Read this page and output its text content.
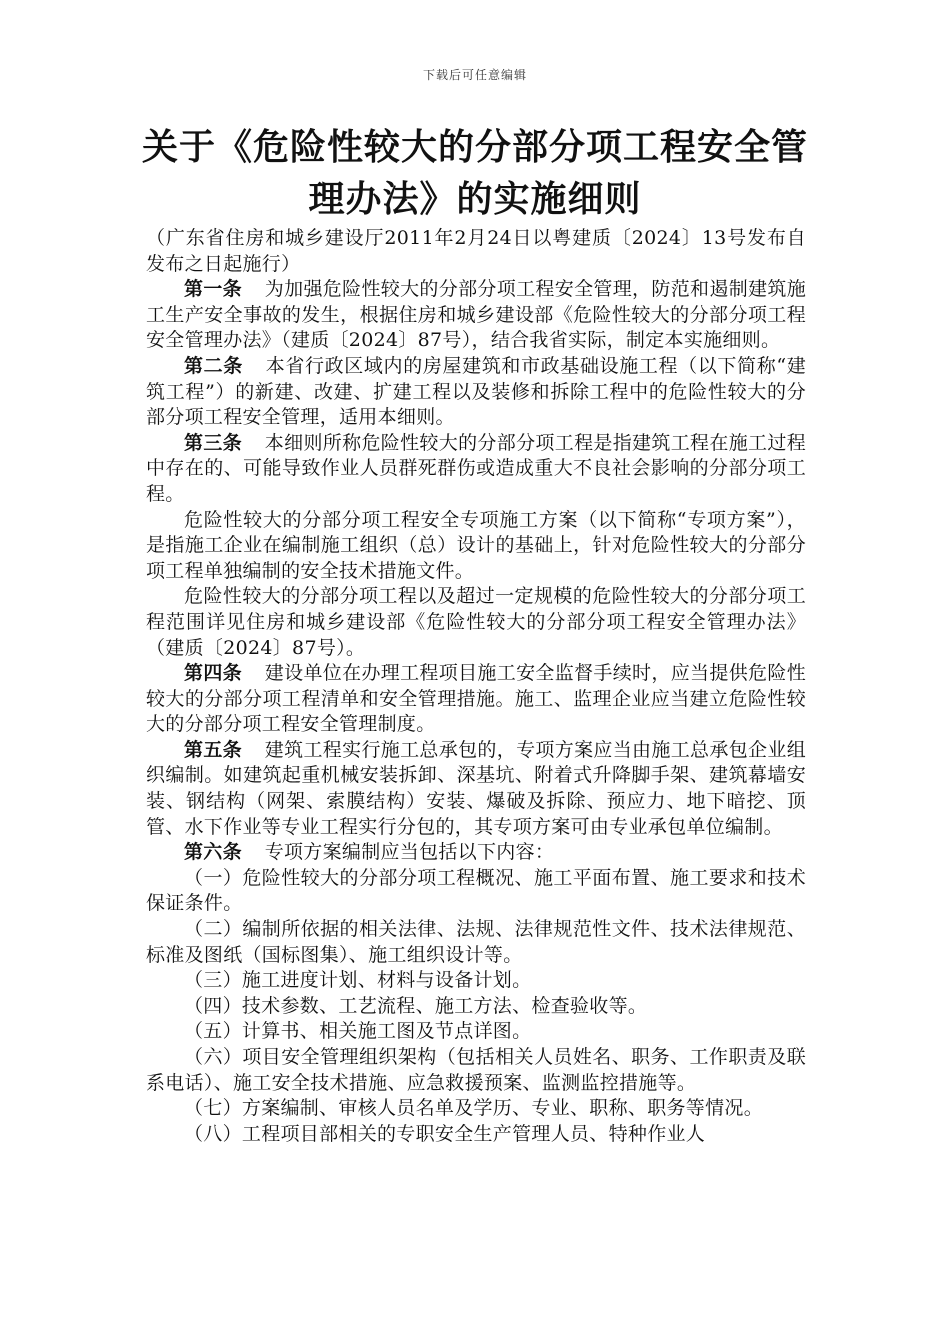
下载后可任意编辑
关于《危险性较大的分部分项工程安全管理办法》的实施细则

（广东省住房和城乡建设厅2011年2月24日以粤建质〔2024〕13号发布自发布之日起施行）

第一条 为加强危险性较大的分部分项工程安全管理，防范和遏制建筑施工生产安全事故的发生，根据住房和城乡建设部《危险性较大的分部分项工程安全管理办法》（建质〔2024〕87号），结合我省实际，制定本实施细则。

第二条 本省行政区域内的房屋建筑和市政基础设施工程（以下简称“建筑工程”）的新建、改建、扩建工程以及装修和拆除工程中的危险性较大的分部分项工程安全管理，适用本细则。

第三条 本细则所称危险性较大的分部分项工程是指建筑工程在施工过程中存在的、可能导致作业人员群死群伤或造成重大不良社会影响的分部分项工程。

危险性较大的分部分项工程安全专项施工方案（以下简称“专项方案”），是指施工企业在编制施工组织（总）设计的基础上，针对危险性较大的分部分项工程单独编制的安全技术措施文件。

危险性较大的分部分项工程以及超过一定规模的危险性较大的分部分项工程范围详见住房和城乡建设部《危险性较大的分部分项工程安全管理办法》（建质〔2024〕87号）。

第四条 建设单位在办理工程项目施工安全监督手续时，应当提供危险性较大的分部分项工程清单和安全管理措施。施工、监理企业应当建立危险性较大的分部分项工程安全管理制度。

第五条 建筑工程实行施工总承包的，专项方案应当由施工总承包企业组织编制。如建筑起重机械安装拆卸、深基坑、附着式升降脚手架、建筑幕墙安装、钢结构（网架、索膜结构）安装、爆破及拆除、预应力、地下暗挖、顶管、水下作业等专业工程实行分包的，其专项方案可由专业承包单位编制。

第六条 专项方案编制应当包括以下内容：

（一）危险性较大的分部分项工程概况、施工平面布置、施工要求和技术保证条件。

（二）编制所依据的相关法律、法规、法律规范性文件、技术法律规范、标准及图纸（国标图集）、施工组织设计等。

（三）施工进度计划、材料与设备计划。

（四）技术参数、工艺流程、施工方法、检查验收等。

（五）计算书、相关施工图及节点详图。

（六）项目安全管理组织架构（包括相关人员姓名、职务、工作职责及联系电话）、施工安全技术措施、应急救援预案、监测监控措施等。

（七）方案编制、审核人员名单及学历、专业、职称、职务等情况。

（八）工程项目部相关的专职安全生产管理人员、特种作业人
